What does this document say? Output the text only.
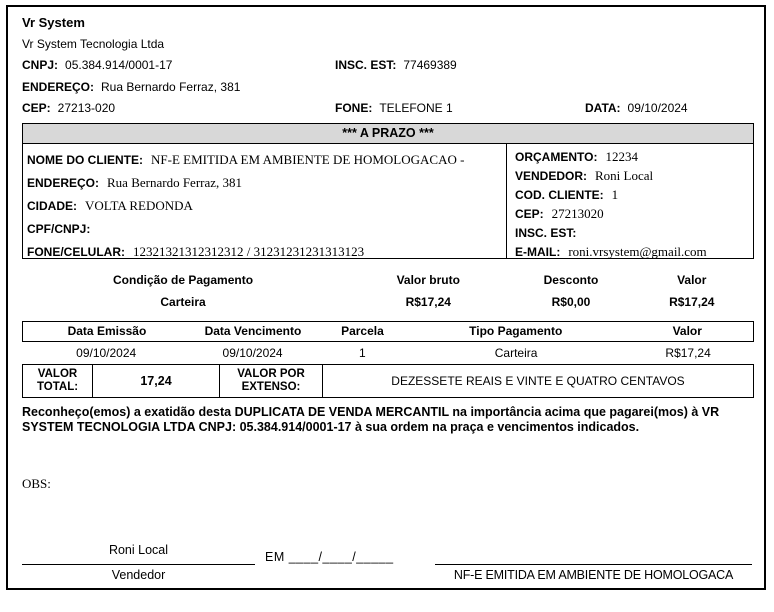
Vr System
Vr System Tecnologia Ltda
CNPJ: 05.384.914/0001-17	INSC. EST: 77469389
ENDEREÇO: Rua Bernardo Ferraz, 381
CEP: 27213-020	FONE: TELEFONE 1	DATA: 09/10/2024
*** A PRAZO ***
NOME DO CLIENTE: NF-E EMITIDA EM AMBIENTE DE HOMOLOGACAO -
ENDEREÇO: Rua Bernardo Ferraz, 381
CIDADE: VOLTA REDONDA
CPF/CNPJ:
FONE/CELULAR: 12321321312312312 / 31231231231313123
ORÇAMENTO: 12234
VENDEDOR: Roni Local
COD. CLIENTE: 1
CEP: 27213020
INSC. EST:
E-MAIL: roni.vrsystem@gmail.com
Condição de Pagamento	Valor bruto	Desconto	Valor
Carteira	R$17,24	R$0,00	R$17,24
Data Emissão	Data Vencimento	Parcela	Tipo Pagamento	Valor
09/10/2024	09/10/2024	1	Carteira	R$17,24
VALOR TOTAL:	17,24	VALOR POR EXTENSO:	DEZESSETE REAIS E VINTE E QUATRO CENTAVOS
Reconheço(emos) a exatidão desta DUPLICATA DE VENDA MERCANTIL na importância acima que pagarei(mos) à VR SYSTEM TECNOLOGIA LTDA CNPJ: 05.384.914/0001-17 à sua ordem na praça e vencimentos indicados.
OBS:
Roni Local
Vendedor
EM ____/____/_____
NF-E EMITIDA EM AMBIENTE DE HOMOLOGACA
